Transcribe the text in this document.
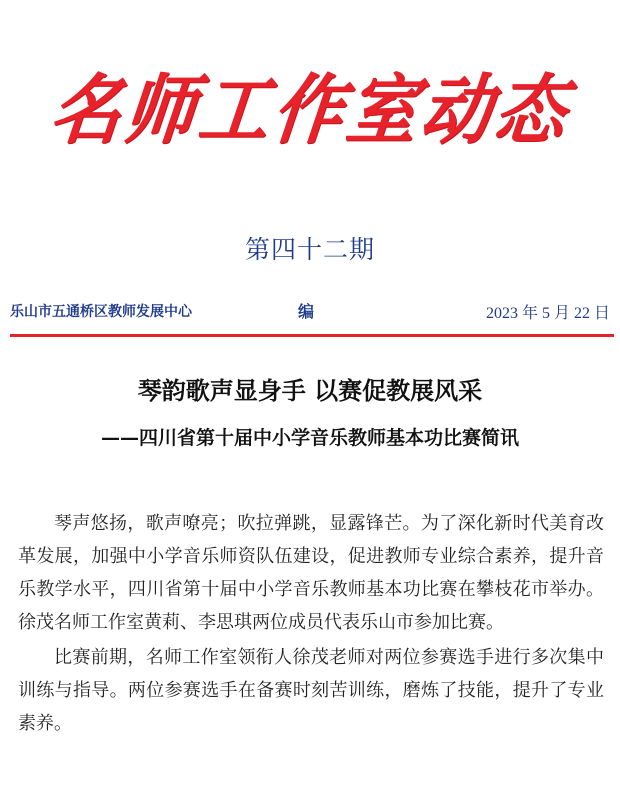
名师工作室动态
第四十二期
乐山市五通桥区教师发展中心	编	2023 年 5 月 22 日
琴韵歌声显身手 以赛促教展风采
——四川省第十届中小学音乐教师基本功比赛简讯

琴声悠扬，歌声嘹亮；吹拉弹跳，显露锋芒。为了深化新时代美育改革发展，加强中小学音乐师资队伍建设，促进教师专业综合素养，提升音乐教学水平，四川省第十届中小学音乐教师基本功比赛在攀枝花市举办。徐茂名师工作室黄莉、李思琪两位成员代表乐山市参加比赛。

比赛前期，名师工作室领衔人徐茂老师对两位参赛选手进行多次集中训练与指导。两位参赛选手在备赛时刻苦训练，磨炼了技能，提升了专业素养。
